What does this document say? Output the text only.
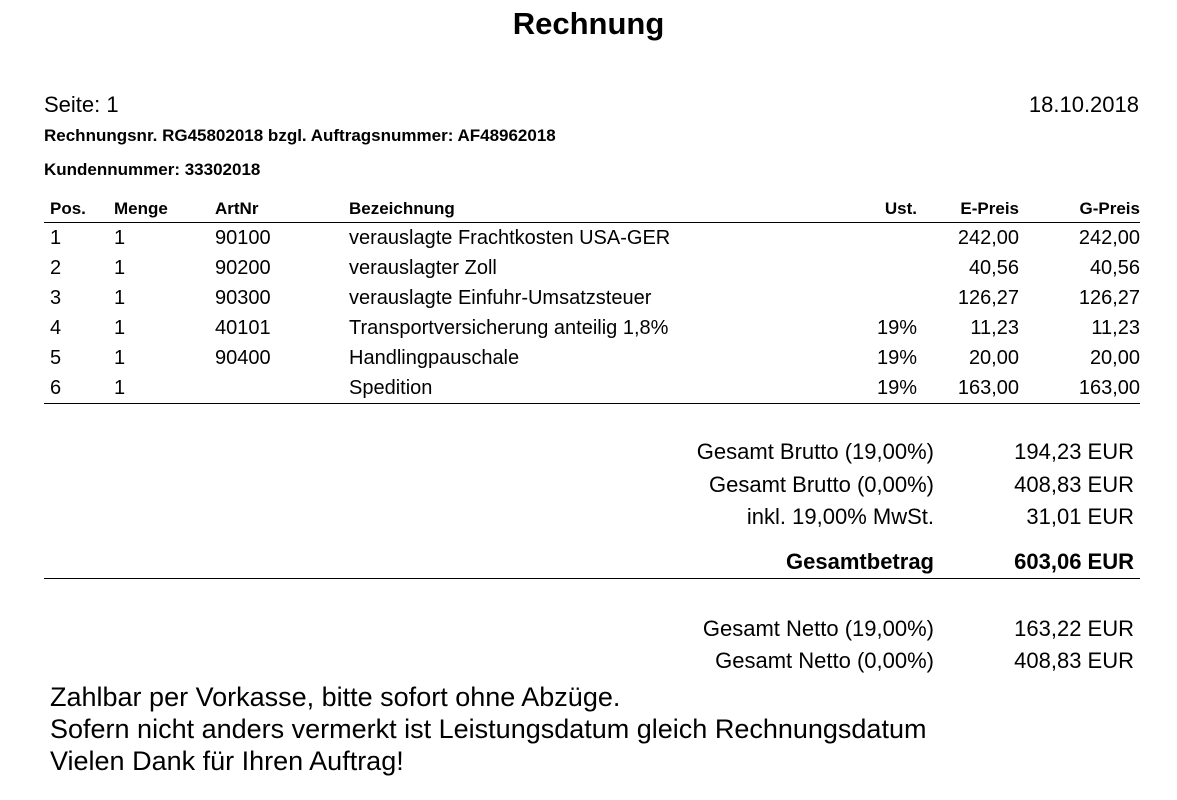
Rechnung
Seite: 1	18.10.2018
Rechnungsnr. RG45802018 bzgl. Auftragsnummer: AF48962018
Kundennummer: 33302018
Pos.	Menge	ArtNr	Bezeichnung	Ust.	E-Preis	G-Preis
1	1	90100	verauslagte Frachtkosten USA-GER		242,00	242,00
2	1	90200	verauslagter Zoll		40,56	40,56
3	1	90300	verauslagte Einfuhr-Umsatzsteuer		126,27	126,27
4	1	40101	Transportversicherung anteilig 1,8%	19%	11,23	11,23
5	1	90400	Handlingpauschale	19%	20,00	20,00
6	1		Spedition	19%	163,00	163,00
Gesamt Brutto (19,00%)	194,23 EUR
Gesamt Brutto (0,00%)	408,83 EUR
inkl. 19,00% MwSt.	31,01 EUR
Gesamtbetrag	603,06 EUR
Gesamt Netto (19,00%)	163,22 EUR
Gesamt Netto (0,00%)	408,83 EUR
Zahlbar per Vorkasse, bitte sofort ohne Abzüge.
Sofern nicht anders vermerkt ist Leistungsdatum gleich Rechnungsdatum
Vielen Dank für Ihren Auftrag!
